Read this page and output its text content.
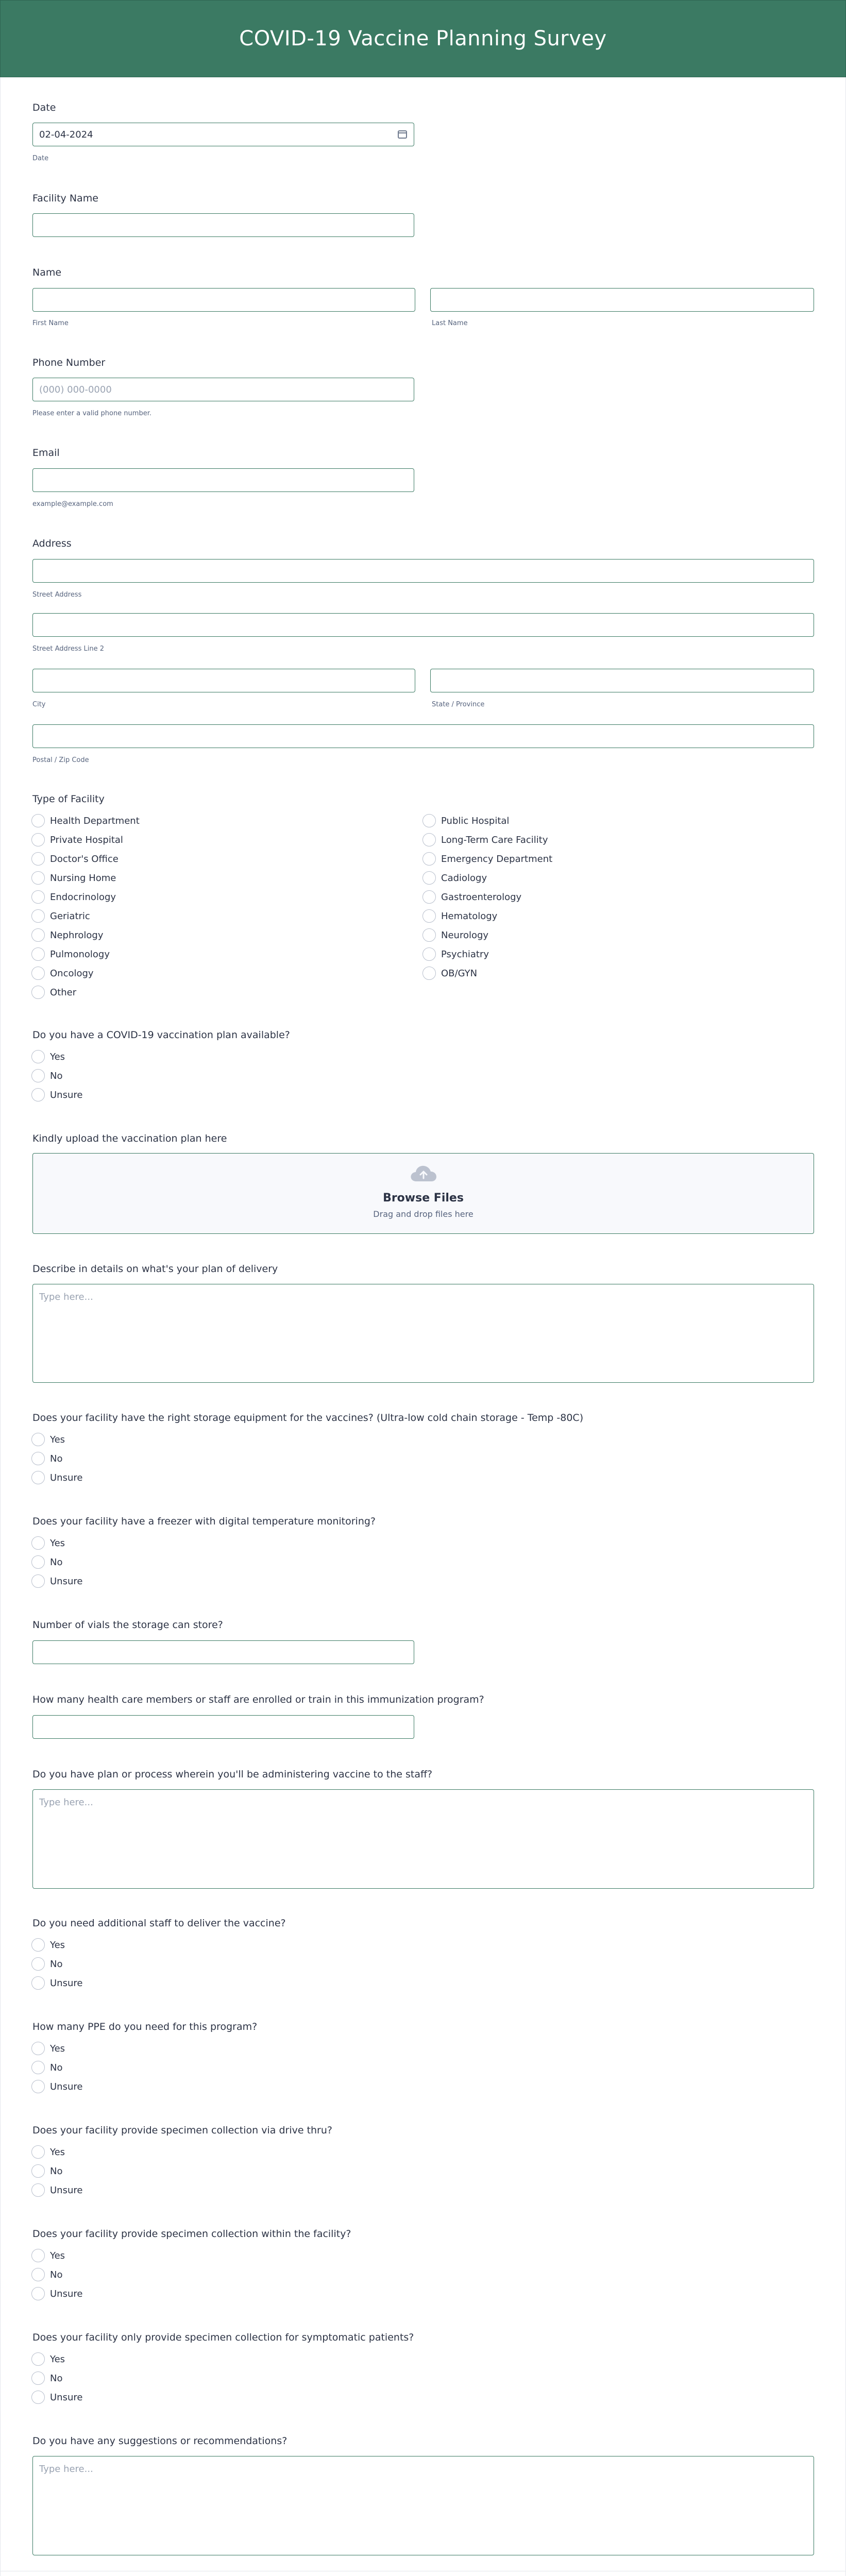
COVID-19 Vaccine Planning Survey
Date
02-04-2024
Date
Facility Name
Name
First Name	Last Name
Phone Number
(000) 000-0000
Please enter a valid phone number.
Email
example@example.com
Address
Street Address
Street Address Line 2
City	State / Province
Postal / Zip Code
Type of Facility
Health Department
Private Hospital
Doctor's Office
Nursing Home
Endocrinology
Geriatric
Nephrology
Pulmonology
Oncology
Other
Public Hospital
Long-Term Care Facility
Emergency Department
Cadiology
Gastroenterology
Hematology
Neurology
Psychiatry
OB/GYN
Do you have a COVID-19 vaccination plan available?
Yes
No
Unsure
Kindly upload the vaccination plan here
Browse Files
Drag and drop files here
Describe in details on what's your plan of delivery
Type here...
Does your facility have the right storage equipment for the vaccines? (Ultra-low cold chain storage - Temp -80C)
Yes
No
Unsure
Does your facility have a freezer with digital temperature monitoring?
Yes
No
Unsure
Number of vials the storage can store?
How many health care members or staff are enrolled or train in this immunization program?
Do you have plan or process wherein you'll be administering vaccine to the staff?
Type here...
Do you need additional staff to deliver the vaccine?
Yes
No
Unsure
How many PPE do you need for this program?
Yes
No
Unsure
Does your facility provide specimen collection via drive thru?
Yes
No
Unsure
Does your facility provide specimen collection within the facility?
Yes
No
Unsure
Does your facility only provide specimen collection for symptomatic patients?
Yes
No
Unsure
Do you have any suggestions or recommendations?
Type here...
